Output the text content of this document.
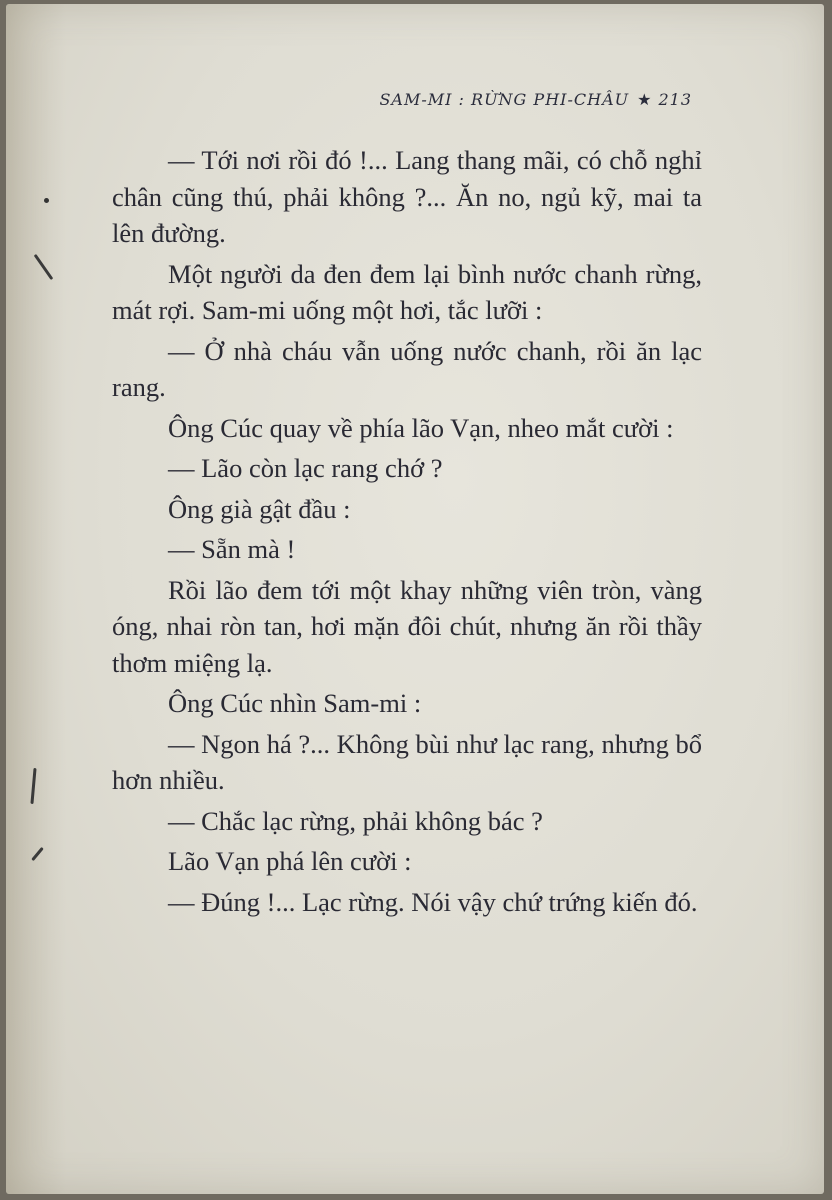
SAM-MI : RỪNG PHI-CHÂU ★ 213

— Tới nơi rồi đó !... Lang thang mãi, có chỗ nghỉ chân cũng thú, phải không ?... Ăn no, ngủ kỹ, mai ta lên đường.

Một người da đen đem lại bình nước chanh rừng, mát rợi. Sam-mi uống một hơi, tắc lưỡi :

— Ở nhà cháu vẫn uống nước chanh, rồi ăn lạc rang.

Ông Cúc quay về phía lão Vạn, nheo mắt cười :

— Lão còn lạc rang chớ ?

Ông già gật đầu :

— Sẵn mà !

Rồi lão đem tới một khay những viên tròn, vàng óng, nhai ròn tan, hơi mặn đôi chút, nhưng ăn rồi thầy thơm miệng lạ.

Ông Cúc nhìn Sam-mi :

— Ngon há ?... Không bùi như lạc rang, nhưng bổ hơn nhiều.

— Chắc lạc rừng, phải không bác ?

Lão Vạn phá lên cười :

— Đúng !... Lạc rừng. Nói vậy chứ trứng kiến đó.
